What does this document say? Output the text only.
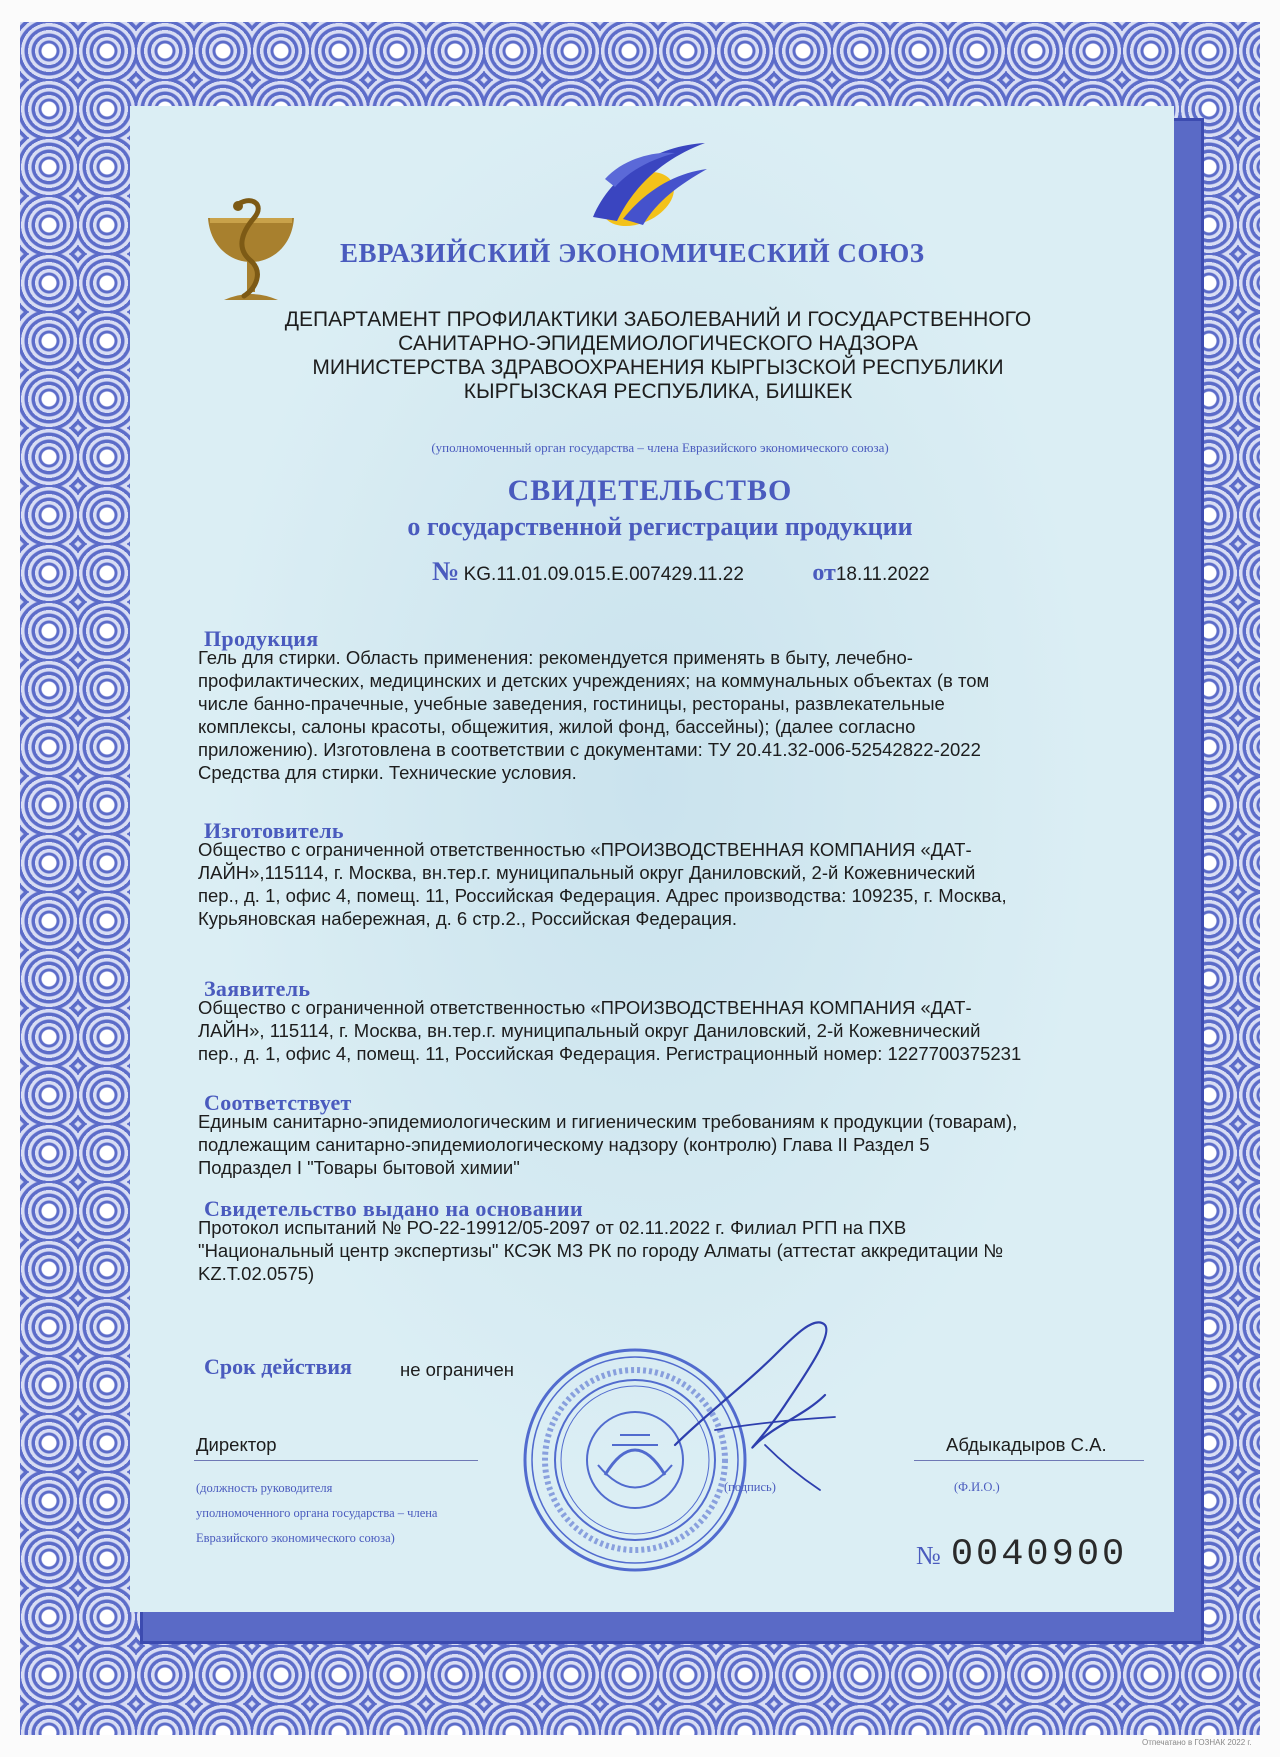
ЕВРАЗИЙСКИЙ ЭКОНОМИЧЕСКИЙ СОЮЗ
ДЕПАРТАМЕНТ ПРОФИЛАКТИКИ ЗАБОЛЕВАНИЙ И ГОСУДАРСТВЕННОГО
САНИТАРНО-ЭПИДЕМИОЛОГИЧЕСКОГО НАДЗОРА
МИНИСТЕРСТВА ЗДРАВООХРАНЕНИЯ КЫРГЫЗСКОЙ РЕСПУБЛИКИ
КЫРГЫЗСКАЯ РЕСПУБЛИКА, БИШКЕК
(уполномоченный орган государства – члена Евразийского экономического союза)
СВИДЕТЕЛЬСТВО
о государственной регистрации продукции
№ KG.11.01.09.015.Е.007429.11.22	от18.11.2022
Продукция
Гель для стирки. Область применения: рекомендуется применять в быту, лечебно-
профилактических, медицинских и детских учреждениях; на коммунальных объектах (в том
числе банно-прачечные, учебные заведения, гостиницы, рестораны, развлекательные
комплексы, салоны красоты, общежития, жилой фонд, бассейны); (далее согласно
приложению). Изготовлена в соответствии с документами: ТУ 20.41.32-006-52542822-2022
Средства для стирки. Технические условия.
Изготовитель
Общество с ограниченной ответственностью «ПРОИЗВОДСТВЕННАЯ КОМПАНИЯ «ДАТ-
ЛАЙН»,115114, г. Москва, вн.тер.г. муниципальный округ Даниловский, 2-й Кожевнический
пер., д. 1, офис 4, помещ. 11, Российская Федерация. Адрес производства: 109235, г. Москва,
Курьяновская набережная, д. 6 стр.2., Российская Федерация.
Заявитель
Общество с ограниченной ответственностью «ПРОИЗВОДСТВЕННАЯ КОМПАНИЯ «ДАТ-
ЛАЙН», 115114, г. Москва, вн.тер.г. муниципальный округ Даниловский, 2-й Кожевнический
пер., д. 1, офис 4, помещ. 11, Российская Федерация. Регистрационный номер: 1227700375231
Соответствует
Единым санитарно-эпидемиологическим и гигиеническим требованиям к продукции (товарам),
подлежащим санитарно-эпидемиологическому надзору (контролю) Глава II Раздел 5
Подраздел I "Товары бытовой химии"
Свидетельство выдано на основании
Протокол испытаний № РО-22-19912/05-2097 от 02.11.2022 г. Филиал РГП на ПХВ
"Национальный центр экспертизы" КСЭК МЗ РК по городу Алматы (аттестат аккредитации №
KZ.T.02.0575)
Срок действия	не ограничен
Директор
(должность руководителя
уполномоченного органа государства – члена
Евразийского экономического союза)
(подпись)
Абдыкадыров С.А.
(Ф.И.О.)
№ 0040900
Отпечатано в ГОЗНАК 2022 г.
